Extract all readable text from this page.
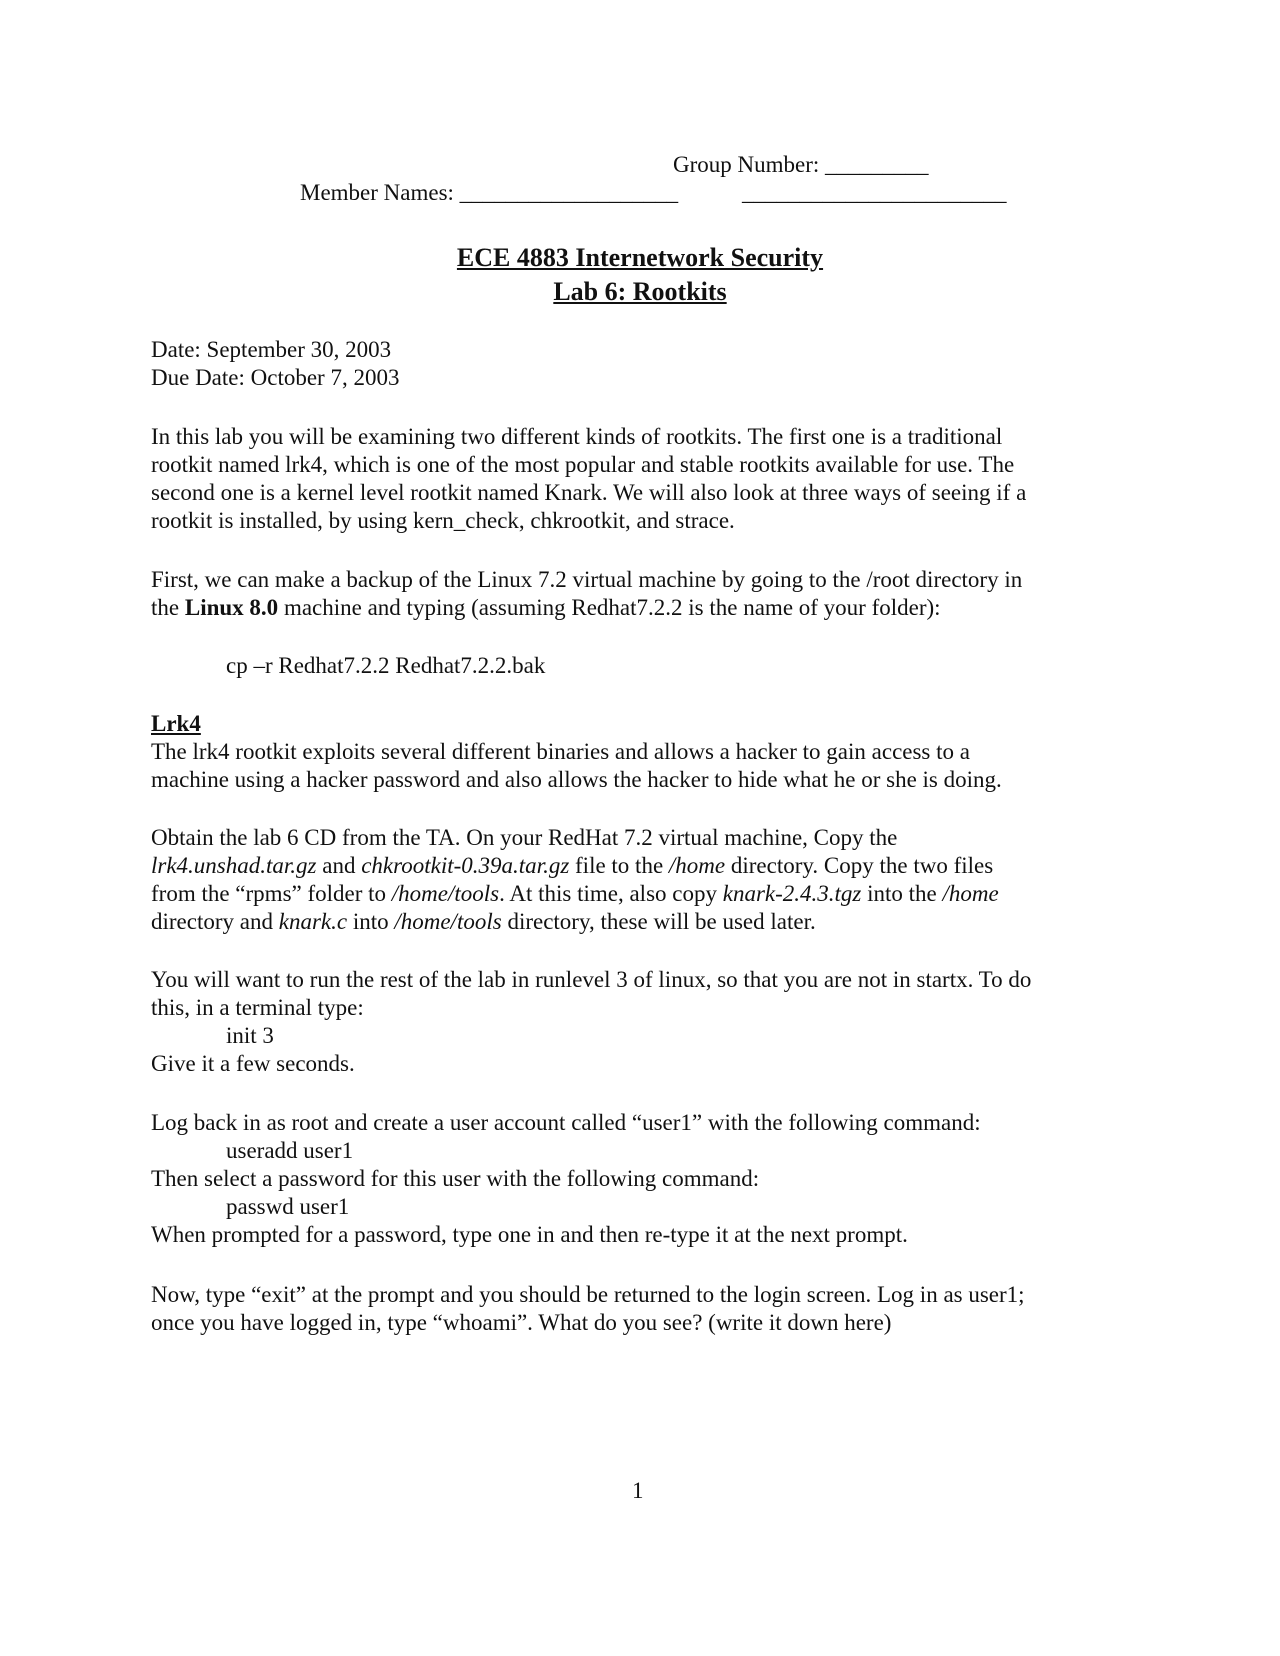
Group Number: _________
Member Names: ___________________	_______________________
ECE 4883 Internetwork Security
Lab 6: Rootkits

Date: September 30, 2003

Due Date: October 7, 2003

In this lab you will be examining two different kinds of rootkits. The first one is a traditional

rootkit named lrk4, which is one of the most popular and stable rootkits available for use. The

second one is a kernel level rootkit named Knark. We will also look at three ways of seeing if a

rootkit is installed, by using kern_check, chkrootkit, and strace.

First, we can make a backup of the Linux 7.2 virtual machine by going to the /root directory in

the Linux 8.0 machine and typing (assuming Redhat7.2.2 is the name of your folder):

cp –r Redhat7.2.2 Redhat7.2.2.bak

Lrk4

The lrk4 rootkit exploits several different binaries and allows a hacker to gain access to a

machine using a hacker password and also allows the hacker to hide what he or she is doing.

Obtain the lab 6 CD from the TA. On your RedHat 7.2 virtual machine, Copy the

lrk4.unshad.tar.gz and chkrootkit-0.39a.tar.gz file to the /home directory. Copy the two files

from the “rpms” folder to /home/tools. At this time, also copy knark-2.4.3.tgz into the /home

directory and knark.c into /home/tools directory, these will be used later.

You will want to run the rest of the lab in runlevel 3 of linux, so that you are not in startx. To do

this, in a terminal type:

init 3

Give it a few seconds.

Log back in as root and create a user account called “user1” with the following command:

useradd user1

Then select a password for this user with the following command:

passwd user1

When prompted for a password, type one in and then re-type it at the next prompt.

Now, type “exit” at the prompt and you should be returned to the login screen. Log in as user1;

once you have logged in, type “whoami”. What do you see? (write it down here)

1
